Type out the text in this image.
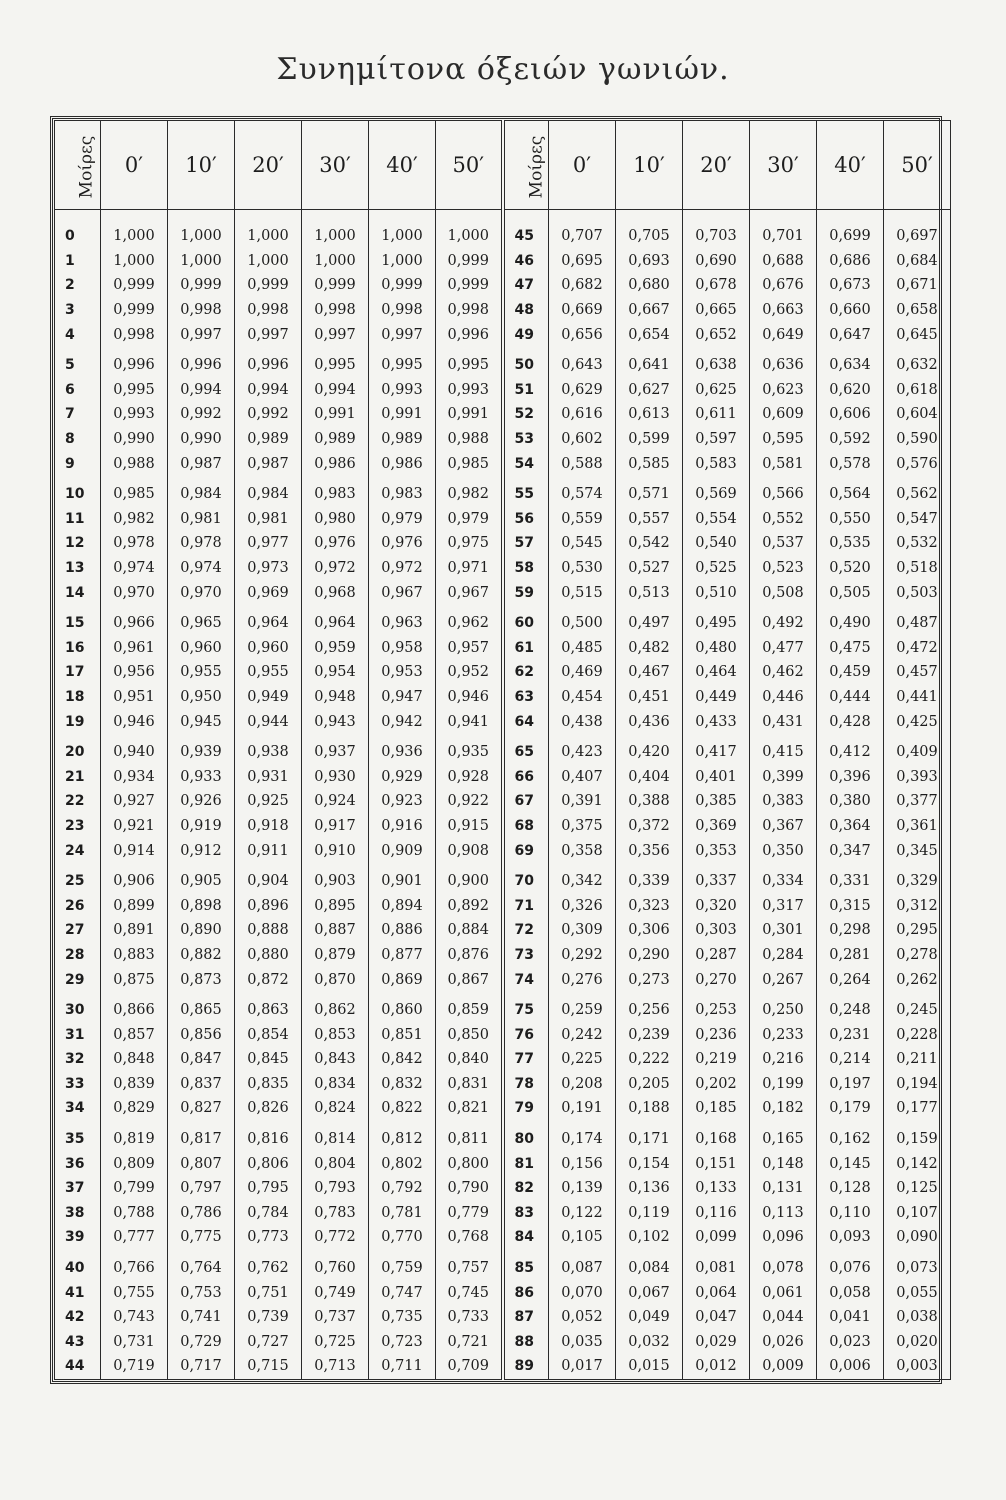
Συνημίτονα όξειών γωνιών.
Μοίρες	0′	10′	20′	30′	40′	50′	Μοίρες	0′	10′	20′	30′	40′	50′
0	1,000	1,000	1,000	1,000	1,000	1,000	45	0,707	0,705	0,703	0,701	0,699	0,697
1	1,000	1,000	1,000	1,000	1,000	0,999	46	0,695	0,693	0,690	0,688	0,686	0,684
2	0,999	0,999	0,999	0,999	0,999	0,999	47	0,682	0,680	0,678	0,676	0,673	0,671
3	0,999	0,998	0,998	0,998	0,998	0,998	48	0,669	0,667	0,665	0,663	0,660	0,658
4	0,998	0,997	0,997	0,997	0,997	0,996	49	0,656	0,654	0,652	0,649	0,647	0,645
5	0,996	0,996	0,996	0,995	0,995	0,995	50	0,643	0,641	0,638	0,636	0,634	0,632
6	0,995	0,994	0,994	0,994	0,993	0,993	51	0,629	0,627	0,625	0,623	0,620	0,618
7	0,993	0,992	0,992	0,991	0,991	0,991	52	0,616	0,613	0,611	0,609	0,606	0,604
8	0,990	0,990	0,989	0,989	0,989	0,988	53	0,602	0,599	0,597	0,595	0,592	0,590
9	0,988	0,987	0,987	0,986	0,986	0,985	54	0,588	0,585	0,583	0,581	0,578	0,576
10	0,985	0,984	0,984	0,983	0,983	0,982	55	0,574	0,571	0,569	0,566	0,564	0,562
11	0,982	0,981	0,981	0,980	0,979	0,979	56	0,559	0,557	0,554	0,552	0,550	0,547
12	0,978	0,978	0,977	0,976	0,976	0,975	57	0,545	0,542	0,540	0,537	0,535	0,532
13	0,974	0,974	0,973	0,972	0,972	0,971	58	0,530	0,527	0,525	0,523	0,520	0,518
14	0,970	0,970	0,969	0,968	0,967	0,967	59	0,515	0,513	0,510	0,508	0,505	0,503
15	0,966	0,965	0,964	0,964	0,963	0,962	60	0,500	0,497	0,495	0,492	0,490	0,487
16	0,961	0,960	0,960	0,959	0,958	0,957	61	0,485	0,482	0,480	0,477	0,475	0,472
17	0,956	0,955	0,955	0,954	0,953	0,952	62	0,469	0,467	0,464	0,462	0,459	0,457
18	0,951	0,950	0,949	0,948	0,947	0,946	63	0,454	0,451	0,449	0,446	0,444	0,441
19	0,946	0,945	0,944	0,943	0,942	0,941	64	0,438	0,436	0,433	0,431	0,428	0,425
20	0,940	0,939	0,938	0,937	0,936	0,935	65	0,423	0,420	0,417	0,415	0,412	0,409
21	0,934	0,933	0,931	0,930	0,929	0,928	66	0,407	0,404	0,401	0,399	0,396	0,393
22	0,927	0,926	0,925	0,924	0,923	0,922	67	0,391	0,388	0,385	0,383	0,380	0,377
23	0,921	0,919	0,918	0,917	0,916	0,915	68	0,375	0,372	0,369	0,367	0,364	0,361
24	0,914	0,912	0,911	0,910	0,909	0,908	69	0,358	0,356	0,353	0,350	0,347	0,345
25	0,906	0,905	0,904	0,903	0,901	0,900	70	0,342	0,339	0,337	0,334	0,331	0,329
26	0,899	0,898	0,896	0,895	0,894	0,892	71	0,326	0,323	0,320	0,317	0,315	0,312
27	0,891	0,890	0,888	0,887	0,886	0,884	72	0,309	0,306	0,303	0,301	0,298	0,295
28	0,883	0,882	0,880	0,879	0,877	0,876	73	0,292	0,290	0,287	0,284	0,281	0,278
29	0,875	0,873	0,872	0,870	0,869	0,867	74	0,276	0,273	0,270	0,267	0,264	0,262
30	0,866	0,865	0,863	0,862	0,860	0,859	75	0,259	0,256	0,253	0,250	0,248	0,245
31	0,857	0,856	0,854	0,853	0,851	0,850	76	0,242	0,239	0,236	0,233	0,231	0,228
32	0,848	0,847	0,845	0,843	0,842	0,840	77	0,225	0,222	0,219	0,216	0,214	0,211
33	0,839	0,837	0,835	0,834	0,832	0,831	78	0,208	0,205	0,202	0,199	0,197	0,194
34	0,829	0,827	0,826	0,824	0,822	0,821	79	0,191	0,188	0,185	0,182	0,179	0,177
35	0,819	0,817	0,816	0,814	0,812	0,811	80	0,174	0,171	0,168	0,165	0,162	0,159
36	0,809	0,807	0,806	0,804	0,802	0,800	81	0,156	0,154	0,151	0,148	0,145	0,142
37	0,799	0,797	0,795	0,793	0,792	0,790	82	0,139	0,136	0,133	0,131	0,128	0,125
38	0,788	0,786	0,784	0,783	0,781	0,779	83	0,122	0,119	0,116	0,113	0,110	0,107
39	0,777	0,775	0,773	0,772	0,770	0,768	84	0,105	0,102	0,099	0,096	0,093	0,090
40	0,766	0,764	0,762	0,760	0,759	0,757	85	0,087	0,084	0,081	0,078	0,076	0,073
41	0,755	0,753	0,751	0,749	0,747	0,745	86	0,070	0,067	0,064	0,061	0,058	0,055
42	0,743	0,741	0,739	0,737	0,735	0,733	87	0,052	0,049	0,047	0,044	0,041	0,038
43	0,731	0,729	0,727	0,725	0,723	0,721	88	0,035	0,032	0,029	0,026	0,023	0,020
44	0,719	0,717	0,715	0,713	0,711	0,709	89	0,017	0,015	0,012	0,009	0,006	0,003
